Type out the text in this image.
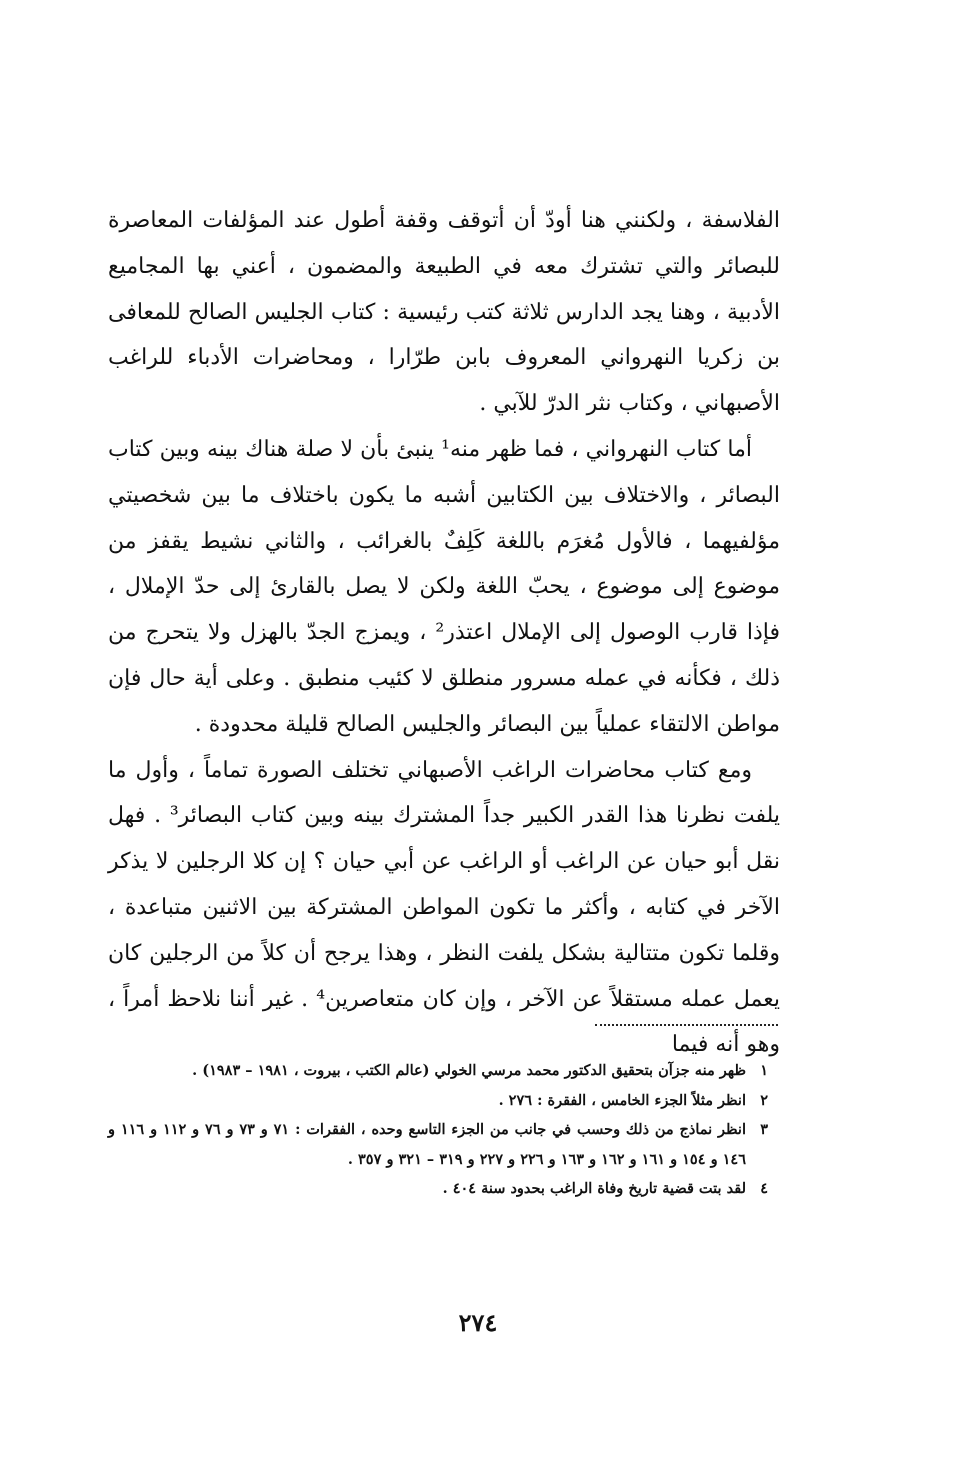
الفلاسفة ، ولكنني هنا أودّ أن أتوقف وقفة أطول عند المؤلفات المعاصرة للبصائر والتي تشترك معه في الطبيعة والمضمون ، أعني بها المجاميع الأدبية ، وهنا يجد الدارس ثلاثة كتب رئيسية : كتاب الجليس الصالح للمعافى بن زكريا النهرواني المعروف بابن طرّارا ، ومحاضرات الأدباء للراغب الأصبهاني ، وكتاب نثر الدرّ للآبي .

أما كتاب النهرواني ، فما ظهر منه¹ ينبئ بأن لا صلة هناك بينه وبين كتاب البصائر ، والاختلاف بين الكتابين أشبه ما يكون باختلاف ما بين شخصيتي مؤلفيهما ، فالأول مُغرَم باللغة كَلِفٌ بالغرائب ، والثاني نشيط يقفز من موضوع إلى موضوع ، يحبّ اللغة ولكن لا يصل بالقارئ إلى حدّ الإملال ، فإذا قارب الوصول إلى الإملال اعتذر² ، ويمزج الجدّ بالهزل ولا يتحرج من ذلك ، فكأنه في عمله مسرور منطلق لا كئيب منطبق . وعلى أية حال فإن مواطن الالتقاء عملياً بين البصائر والجليس الصالح قليلة محدودة .

ومع كتاب محاضرات الراغب الأصبهاني تختلف الصورة تماماً ، وأول ما يلفت نظرنا هذا القدر الكبير جداً المشترك بينه وبين كتاب البصائر³ . فهل نقل أبو حيان عن الراغب أو الراغب عن أبي حيان ؟ إن كلا الرجلين لا يذكر الآخر في كتابه ، وأكثر ما تكون المواطن المشتركة بين الاثنين متباعدة ، وقلما تكون متتالية بشكل يلفت النظر ، وهذا يرجح أن كلاً من الرجلين كان يعمل عمله مستقلاً عن الآخر ، وإن كان متعاصرين⁴ . غير أننا نلاحظ أمراً ، وهو أنه فيما

١
ظهر منه جزآن بتحقيق الدكتور محمد مرسي الخولي (عالم الكتب ، بيروت ، ١٩٨١ – ١٩٨٣) .
٢
انظر مثلاً الجزء الخامس ، الفقرة : ٢٧٦ .
٣
انظر نماذج من ذلك وحسب في جانب من الجزء التاسع وحده ، الفقرات : ٧١ و ٧٣ و ٧٦ و ١١٢ و ١١٦ و ١٤٦ و ١٥٤ و ١٦١ و ١٦٢ و ١٦٣ و ٢٢٦ و ٢٢٧ و ٣١٩ – ٣٢١ و ٣٥٧ .
٤
لقد بتت قضية تاريخ وفاة الراغب بحدود سنة ٤٠٤ .
٢٧٤
